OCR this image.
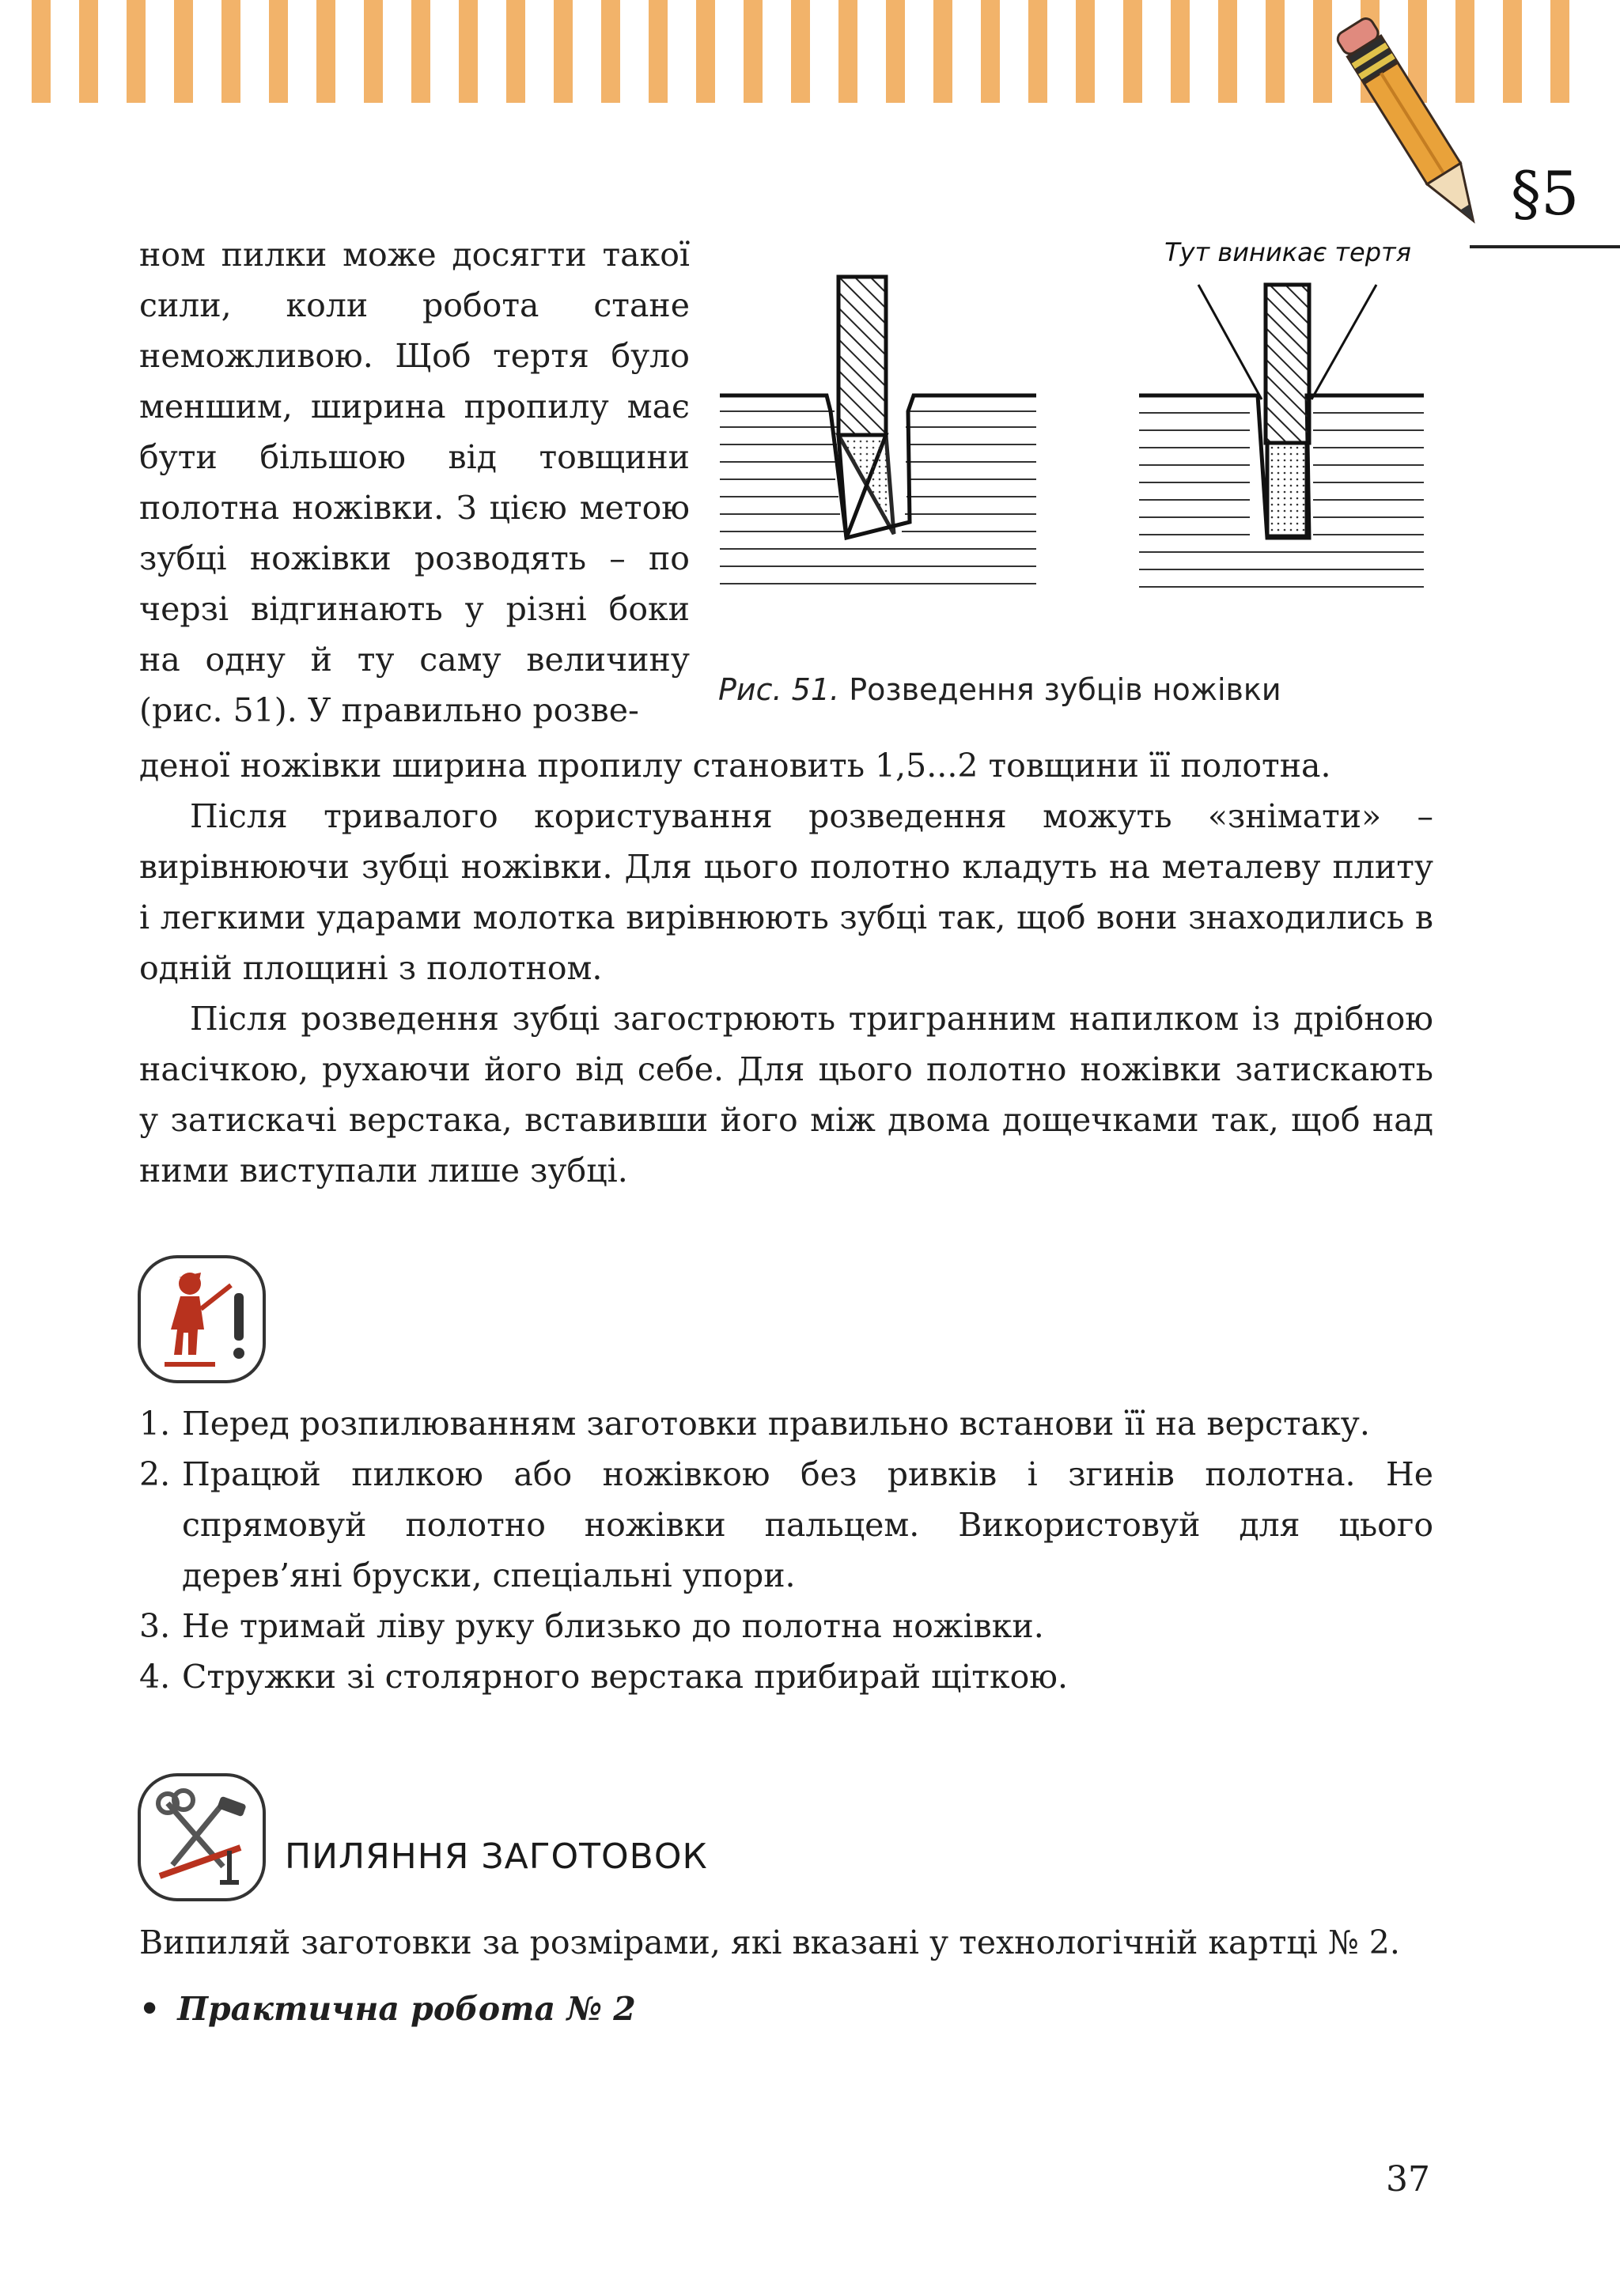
§5

ном пилки може досягти такої сили, коли робота стане неможливою. Щоб тертя було меншим, ширина пропилу має бути більшою від товщини полотна ножівки. З цією метою зубці ножівки розводять – по черзі відгинають у різні боки на одну й ту саму величину (рис. 51). У правильно розве-

Тут виникає тертя
Рис. 51. Розведення зубців ножівки

деної ножівки ширина пропилу становить 1,5...2 товщини її полотна.

Після тривалого користування розведення можуть «знімати» – вирівнюючи зубці ножівки. Для цього полотно кладуть на металеву плиту і легкими ударами молотка вирівнюють зубці так, щоб вони знаходились в одній площині з полотном.

Після розведення зубці загострюють тригранним напилком із дрібною насічкою, рухаючи його від себе. Для цього полотно ножівки затискають у затискачі верстака, вставивши його між двома дощечками так, щоб над ними виступали лише зубці.

1. Перед розпилюванням заготовки правильно встанови її на верстаку.
2. Працюй пилкою або ножівкою без ривків і згинів полотна. Не спрямовуй полотно ножівки пальцем. Використовуй для цього дерев’яні бруски, спеціальні упори.
3. Не тримай ліву руку близько до полотна ножівки.
4. Стружки зі столярного верстака прибирай щіткою.
ПИЛЯННЯ ЗАГОТОВОК

Випиляй заготовки за розмірами, які вказані у технологічній картці № 2.

• Практична робота № 2
37
